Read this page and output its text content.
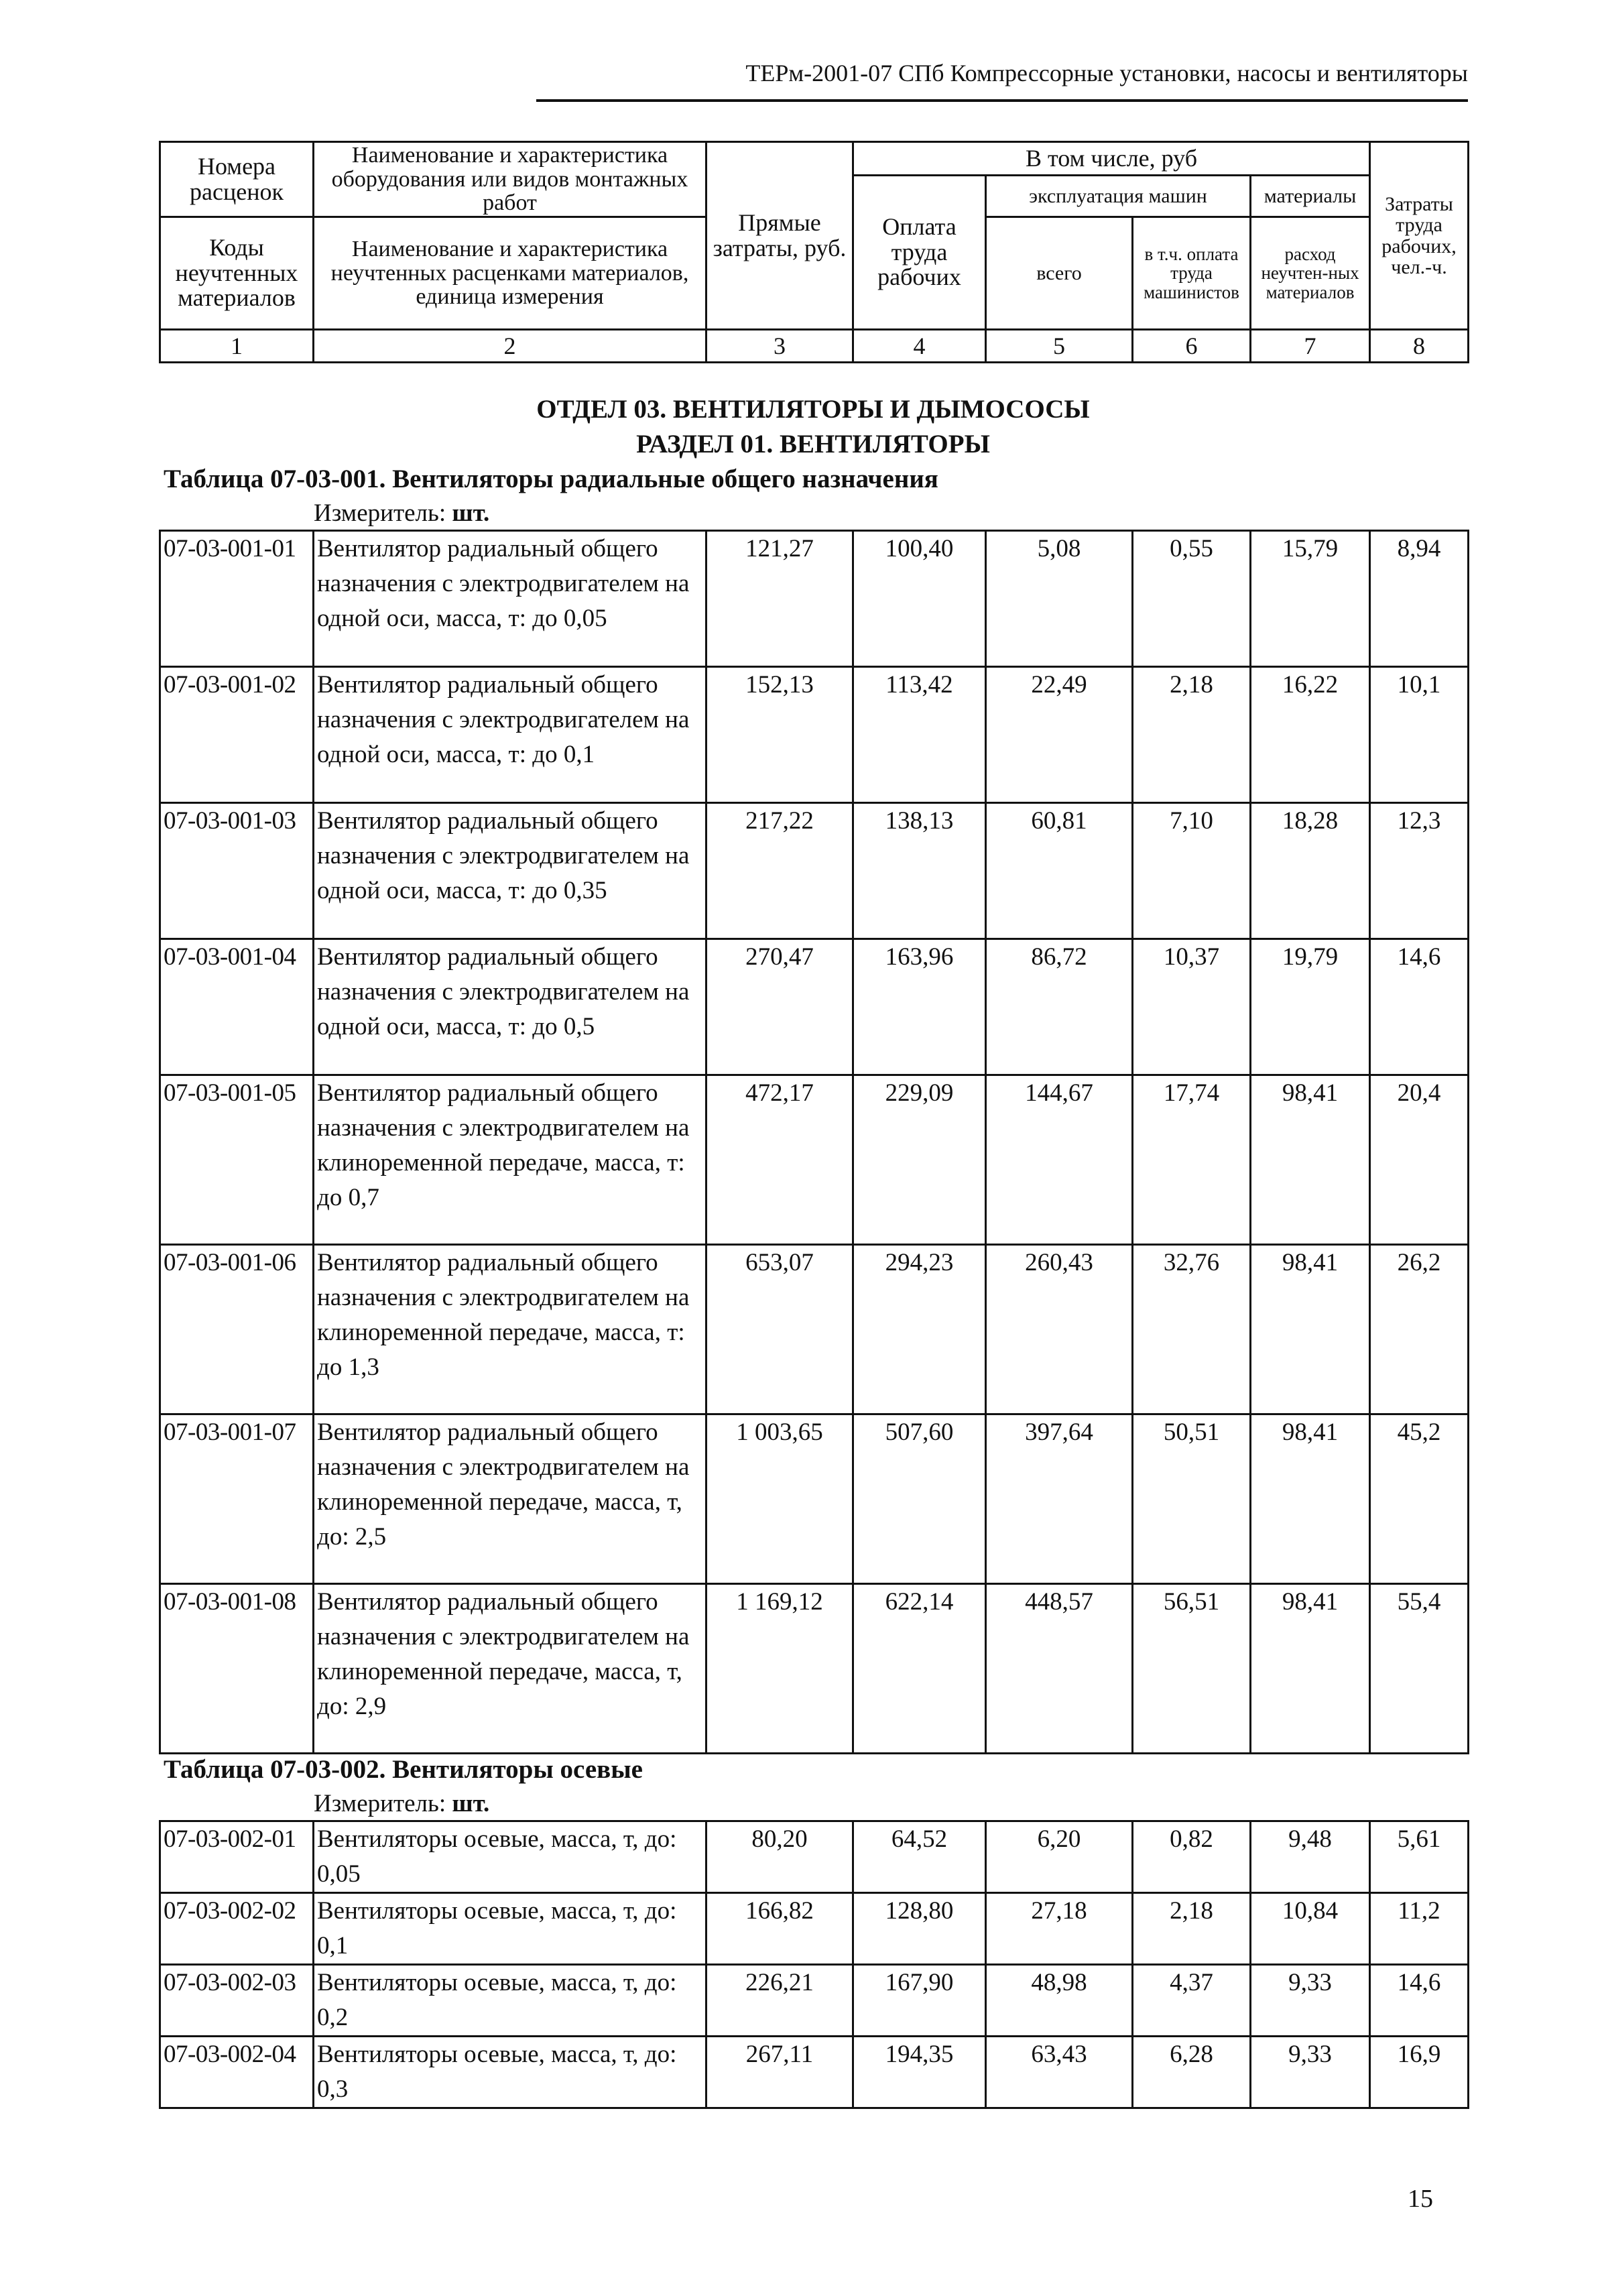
ТЕРм-2001-07 СПб Компрессорные установки, насосы и вентиляторы
Номера расценок	Наименование и характеристика оборудования или видов монтажных работ	Прямые затраты, руб.	В том числе, руб				Затраты труда рабочих, чел.-ч.
			Оплата труда рабочих	эксплуатация машин		материалы	
Коды неучтенных материалов	Наименование и характеристика неучтенных расценками материалов, единица измерения			всего	в т.ч. оплата труда машинистов	расход неучтен-ных материалов	

1	2	3	4	5	6	7	8
ОТДЕЛ 03. ВЕНТИЛЯТОРЫ И ДЫМОСОСЫ
РАЗДЕЛ 01. ВЕНТИЛЯТОРЫ
Таблица 07-03-001. Вентиляторы радиальные общего назначения
Измеритель: шт.
07-03-001-01	Вентилятор радиальный общего назначения с электродвигателем на одной оси, масса, т: до 0,05	121,27	100,40	5,08	0,55	15,79	8,94
07-03-001-02	Вентилятор радиальный общего назначения с электродвигателем на одной оси, масса, т: до 0,1	152,13	113,42	22,49	2,18	16,22	10,1
07-03-001-03	Вентилятор радиальный общего назначения с электродвигателем на одной оси, масса, т: до 0,35	217,22	138,13	60,81	7,10	18,28	12,3
07-03-001-04	Вентилятор радиальный общего назначения с электродвигателем на одной оси, масса, т: до 0,5	270,47	163,96	86,72	10,37	19,79	14,6
07-03-001-05	Вентилятор радиальный общего назначения с электродвигателем на клиноременной передаче, масса, т: до 0,7	472,17	229,09	144,67	17,74	98,41	20,4
07-03-001-06	Вентилятор радиальный общего назначения с электродвигателем на клиноременной передаче, масса, т: до 1,3	653,07	294,23	260,43	32,76	98,41	26,2
07-03-001-07	Вентилятор радиальный общего назначения с электродвигателем на клиноременной передаче, масса, т, до: 2,5	1 003,65	507,60	397,64	50,51	98,41	45,2
07-03-001-08	Вентилятор радиальный общего назначения с электродвигателем на клиноременной передаче, масса, т, до: 2,9	1 169,12	622,14	448,57	56,51	98,41	55,4
Таблица 07-03-002. Вентиляторы осевые
Измеритель: шт.
07-03-002-01	Вентиляторы осевые, масса, т, до: 0,05	80,20	64,52	6,20	0,82	9,48	5,61
07-03-002-02	Вентиляторы осевые, масса, т, до: 0,1	166,82	128,80	27,18	2,18	10,84	11,2
07-03-002-03	Вентиляторы осевые, масса, т, до: 0,2	226,21	167,90	48,98	4,37	9,33	14,6
07-03-002-04	Вентиляторы осевые, масса, т, до: 0,3	267,11	194,35	63,43	6,28	9,33	16,9
15
